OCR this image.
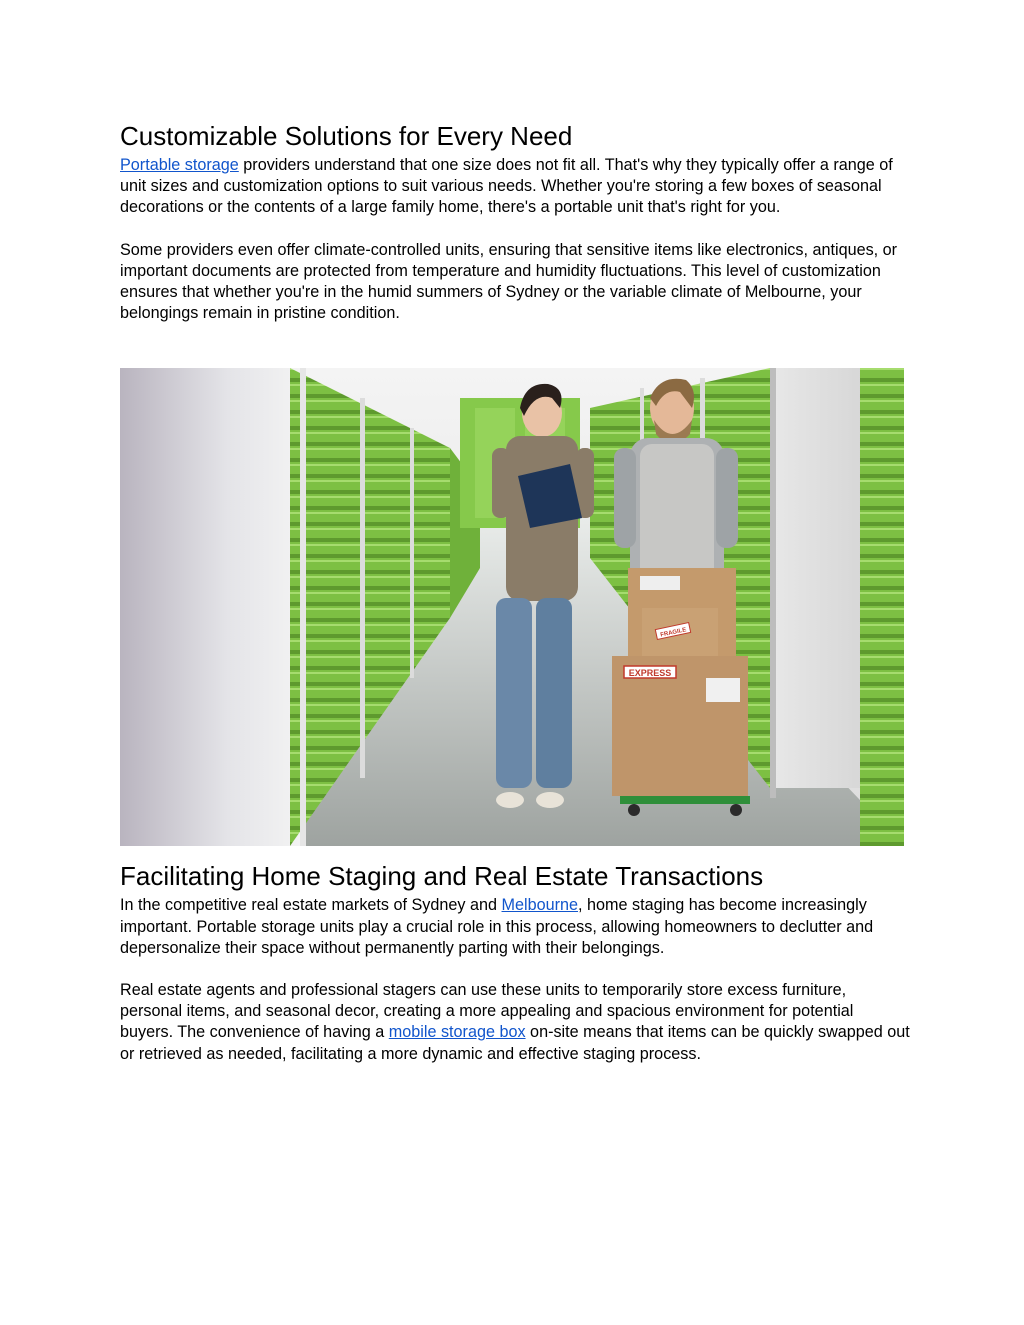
Customizable Solutions for Every Need

Portable storage providers understand that one size does not fit all. That's why they typically offer a range of unit sizes and customization options to suit various needs. Whether you're storing a few boxes of seasonal decorations or the contents of a large family home, there's a portable unit that's right for you.

Some providers even offer climate-controlled units, ensuring that sensitive items like electronics, antiques, or important documents are protected from temperature and humidity fluctuations. This level of customization ensures that whether you're in the humid summers of Sydney or the variable climate of Melbourne, your belongings remain in pristine condition.

EXPRESS
FRAGILE
Facilitating Home Staging and Real Estate Transactions

In the competitive real estate markets of Sydney and Melbourne, home staging has become increasingly important. Portable storage units play a crucial role in this process, allowing homeowners to declutter and depersonalize their space without permanently parting with their belongings.

Real estate agents and professional stagers can use these units to temporarily store excess furniture, personal items, and seasonal decor, creating a more appealing and spacious environment for potential buyers. The convenience of having a mobile storage box on-site means that items can be quickly swapped out or retrieved as needed, facilitating a more dynamic and effective staging process.
